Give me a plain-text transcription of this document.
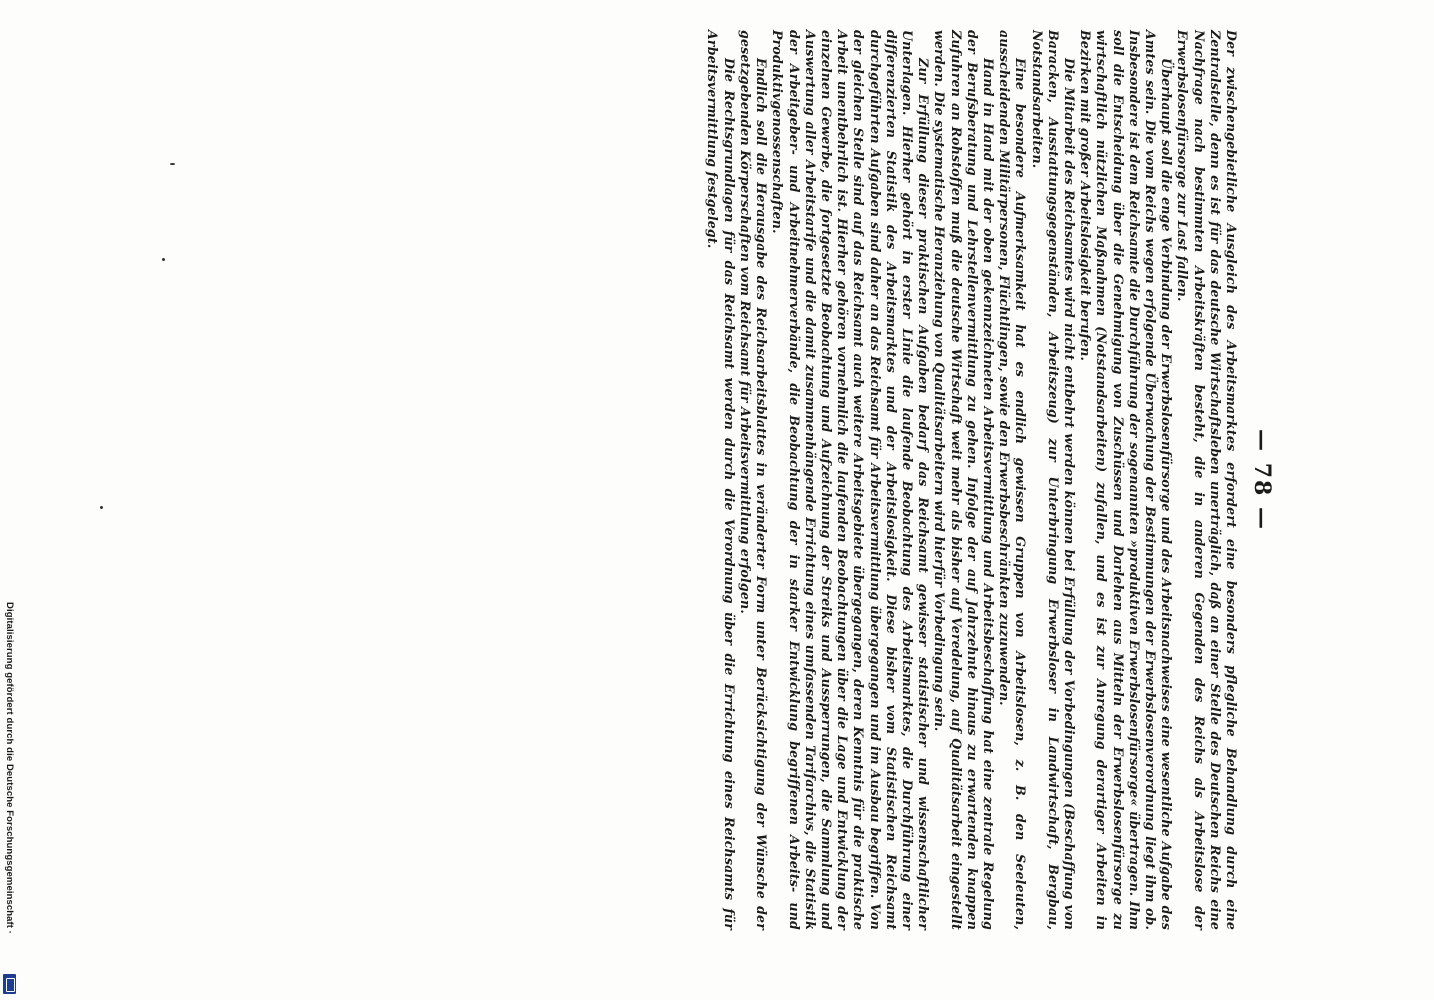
Digitalisierung gefördert durch die Deutsche Forschungsgemeinschaft ·
— 78 —

Der zwischengebietliche Ausgleich des Arbeitsmarktes erfordert eine besonders pflegliche Behandlung durch eine Zentralstelle, denn es ist für das deutsche Wirtschaftsleben unerträglich, daß an einer Stelle des Deutschen Reichs eine Nachfrage nach bestimmten Arbeitskräften besteht, die in anderen Gegenden des Reichs als Arbeitslose der Erwerbslosenfürsorge zur Last fallen.

Überhaupt soll die enge Verbindung der Erwerbslosenfürsorge und des Arbeitsnachweises eine wesentliche Aufgabe des Amtes sein. Die vom Reichs wegen erfolgende Überwachung der Bestimmungen der Erwerbslosenverordnung liegt ihm ob. Insbesondere ist dem Reichsamte die Durchführung der sogenannten »produktiven Erwerbslosenfürsorge« übertragen. Ihm soll die Entscheidung über die Genehmigung von Zuschüssen und Darlehen aus Mitteln der Erwerbslosenfürsorge zu wirtschaftlich nützlichen Maßnahmen (Notstandsarbeiten) zufallen, und es ist zur Anregung derartiger Arbeiten in Bezirken mit großer Arbeitslosigkeit berufen.

Die Mitarbeit des Reichsamtes wird nicht entbehrt werden können bei Erfüllung der Vorbedingungen (Beschaffung von Baracken, Ausstattungsgegenständen, Arbeitszeug) zur Unterbringung Erwerbsloser in Landwirtschaft, Bergbau, Notstandsarbeiten.

Eine besondere Aufmerksamkeit hat es endlich gewissen Gruppen von Arbeitslosen, z. B. den Seeleuten, ausscheidenden Militärpersonen, Flüchtlingen, sowie den Erwerbsbeschränkten zuzuwenden.

Hand in Hand mit der oben gekennzeichneten Arbeitsvermittlung und Arbeitsbeschaffung hat eine zentrale Regelung der Berufsberatung und Lehrstellenvermittlung zu gehen. Infolge der auf Jahrzehnte hinaus zu erwartenden knappen Zufuhren an Rohstoffen muß die deutsche Wirtschaft weit mehr als bisher auf Veredelung, auf Qualitätsarbeit eingestellt werden. Die systematische Heranziehung von Qualitätsarbeitern wird hierfür Vorbedingung sein.

Zur Erfüllung dieser praktischen Aufgaben bedarf das Reichsamt gewisser statistischer und wissenschaftlicher Unterlagen. Hierher gehört in erster Linie die laufende Beobachtung des Arbeitsmarktes, die Durchführung einer differenzierten Statistik des Arbeitsmarktes und der Arbeitslosigkeit. Diese bisher vom Statistischen Reichsamt durchgeführten Aufgaben sind daher an das Reichsamt für Arbeitsvermittlung übergegangen und im Ausbau begriffen. Von der gleichen Stelle sind auf das Reichsamt auch weitere Arbeitsgebiete übergegangen, deren Kenntnis für die praktische Arbeit unentbehrlich ist. Hierher gehören vornehmlich die laufenden Beobachtungen über die Lage und Entwicklung der einzelnen Gewerbe, die fortgesetzte Beobachtung und Aufzeichnung der Streiks und Aussperrungen, die Sammlung und Auswertung aller Arbeitstarife und die damit zusammenhängende Errichtung eines umfassenden Tarifarchivs, die Statistik der Arbeitgeber- und Arbeitnehmerverbände, die Beobachtung der in starker Entwicklung begriffenen Arbeits- und Produktivgenossenschaften.

Endlich soll die Herausgabe des Reichsarbeitsblattes in veränderter Form unter Berücksichtigung der Wünsche der gesetzgebenden Körperschaften vom Reichsamt für Arbeitsvermittlung erfolgen.

Die Rechtsgrundlagen für das Reichsamt werden durch die Verordnung über die Errichtung eines Reichsamts für Arbeitsvermittlung festgelegt.
